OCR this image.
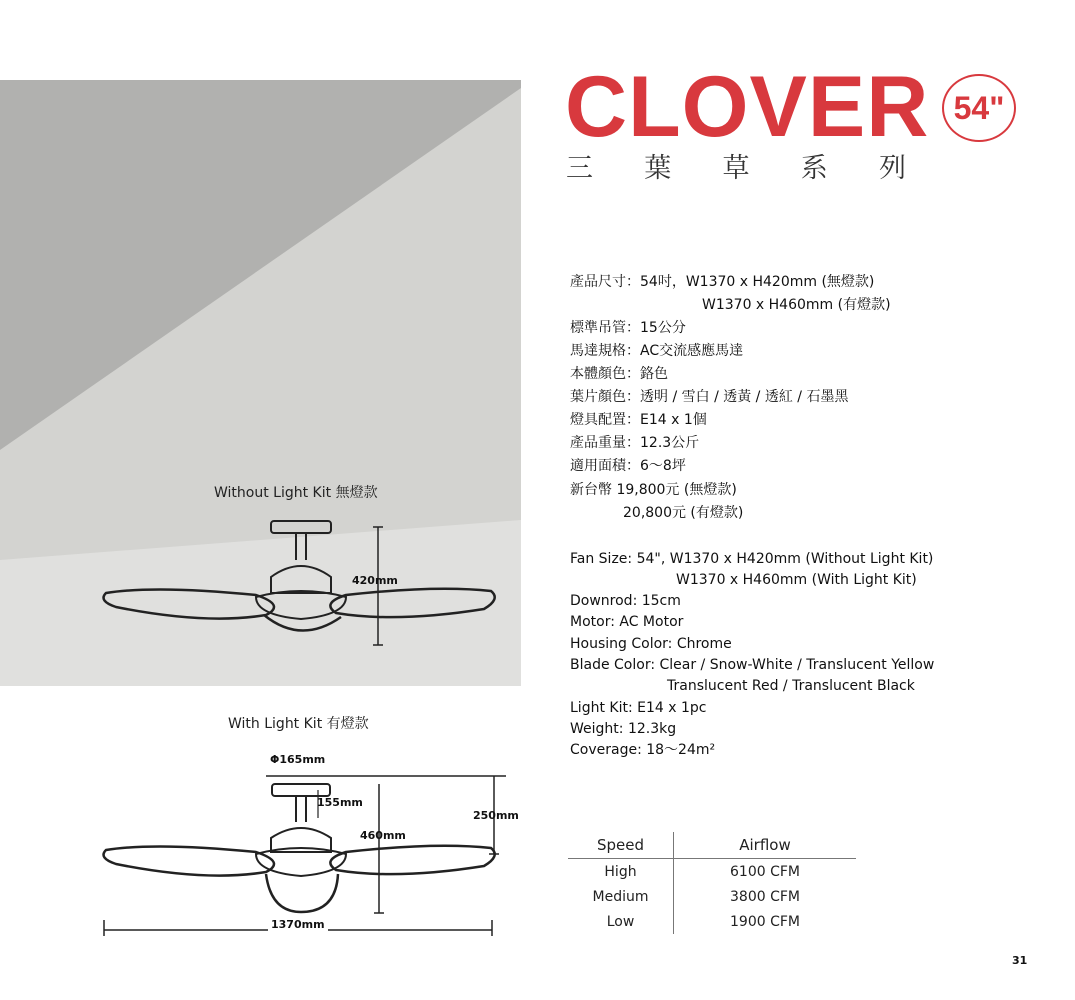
CLOVER 54"
三 葉 草 系 列
產品尺寸：54吋，W1370 x H420mm (無燈款)
W1370 x H460mm (有燈款)
標準吊管：15公分
馬達規格：AC交流感應馬達
本體顏色：鉻色
葉片顏色：透明 / 雪白 / 透黃 / 透紅 / 石墨黑
燈具配置：E14 x 1個
產品重量：12.3公斤
適用面積：6～8坪
新台幣 19,800元 (無燈款)
20,800元 (有燈款)
Fan Size: 54", W1370 x H420mm (Without Light Kit)
W1370 x H460mm (With Light Kit)
Downrod: 15cm
Motor: AC Motor
Housing Color: Chrome
Blade Color: Clear / Snow-White / Translucent Yellow
Translucent Red / Translucent Black
Light Kit: E14 x 1pc
Weight: 12.3kg
Coverage: 18～24m²
Without Light Kit 無燈款
420mm
With Light Kit 有燈款
Φ165mm
155mm
460mm
250mm
1370mm
Speed	Airflow
High	6100 CFM
Medium	3800 CFM
Low	1900 CFM
31
